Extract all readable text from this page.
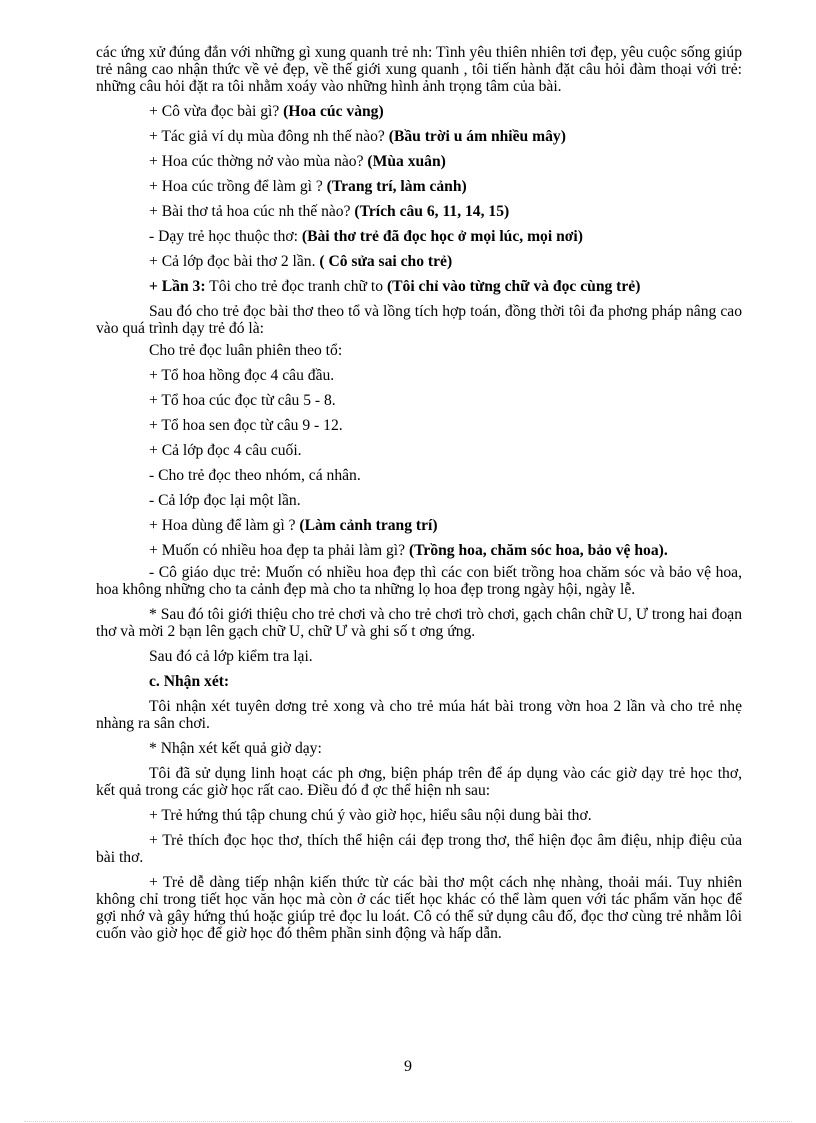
các ứng xử đúng đắn với những gì xung quanh trẻ nh: Tình yêu thiên nhiên tơi đẹp, yêu cuộc sống giúp trẻ nâng cao nhận thức về vẻ đẹp, về thế giới xung quanh , tôi tiến hành đặt câu hỏi đàm thoại với trẻ: những câu hỏi đặt ra tôi nhằm xoáy vào những hình ảnh trọng tâm của bài.

+ Cô vừa đọc bài gì? (Hoa cúc vàng)

+ Tác giả ví dụ mùa đông nh thế nào? (Bầu trời u ám nhiều mây)

+ Hoa cúc thờng nở vào mùa nào? (Mùa xuân)

+ Hoa cúc trồng để làm gì ? (Trang trí, làm cảnh)

+ Bài thơ tả hoa cúc nh thế nào? (Trích câu 6, 11, 14, 15)

- Dạy trẻ học thuộc thơ: (Bài thơ trẻ đã đọc học ở mọi lúc, mọi nơi)

+ Cả lớp đọc bài thơ 2 lần. ( Cô sửa sai cho trẻ)

+ Lần 3: Tôi cho trẻ đọc tranh chữ to (Tôi chỉ vào từng chữ và đọc cùng trẻ)

Sau đó cho trẻ đọc bài thơ theo tổ và lồng tích hợp toán, đồng thời tôi đa phơng pháp nâng cao vào quá trình dạy trẻ đó là:

Cho trẻ đọc luân phiên theo tổ:

+ Tổ hoa hồng đọc 4 câu đầu.

+ Tổ hoa cúc đọc từ câu 5 - 8.

+ Tổ hoa sen đọc từ câu 9 - 12.

+ Cả lớp đọc 4 câu cuối.

- Cho trẻ đọc theo nhóm, cá nhân.

- Cả lớp đọc lại một lần.

+ Hoa dùng để làm gì ? (Làm cảnh trang trí)

+ Muốn có nhiều hoa đẹp ta phải làm gì? (Trồng hoa, chăm sóc hoa, bảo vệ hoa).

- Cô giáo dục trẻ: Muốn có nhiều hoa đẹp thì các con biết trồng hoa chăm sóc và bảo vệ hoa, hoa không những cho ta cảnh đẹp mà cho ta những lọ hoa đẹp trong ngày hội, ngày lễ.

* Sau đó tôi giới thiệu cho trẻ chơi và cho trẻ chơi trò chơi, gạch chân chữ U, Ư trong hai đoạn thơ và mời 2 bạn lên gạch chữ U, chữ Ư và ghi số t ơng ứng.

Sau đó cả lớp kiểm tra lại.

c. Nhận xét:

Tôi nhận xét tuyên dơng trẻ xong và cho trẻ múa hát bài trong vờn hoa 2 lần và cho trẻ nhẹ nhàng ra sân chơi.

* Nhận xét kết quả giờ dạy:

Tôi đã sử dụng linh hoạt các ph ơng, biện pháp trên để áp dụng vào các giờ dạy trẻ học thơ, kết quả trong các giờ học rất cao. Điều đó đ ợc thể hiện nh sau:

+ Trẻ hứng thú tập chung chú ý vào giờ học, hiểu sâu nội dung bài thơ.

+ Trẻ thích đọc học thơ, thích thể hiện cái đẹp trong thơ, thể hiện đọc âm điệu, nhịp điệu của bài thơ.

+ Trẻ dễ dàng tiếp nhận kiến thức từ các bài thơ một cách nhẹ nhàng, thoải mái. Tuy nhiên không chỉ trong tiết học văn học mà còn ở các tiết học khác có thể làm quen với tác phẩm văn học để gợi nhớ và gây hứng thú hoặc giúp trẻ đọc lu loát. Cô có thể sử dụng câu đố, đọc thơ cùng trẻ nhằm lôi cuốn vào giờ học để giờ học đó thêm phần sinh động và hấp dẫn.

9
